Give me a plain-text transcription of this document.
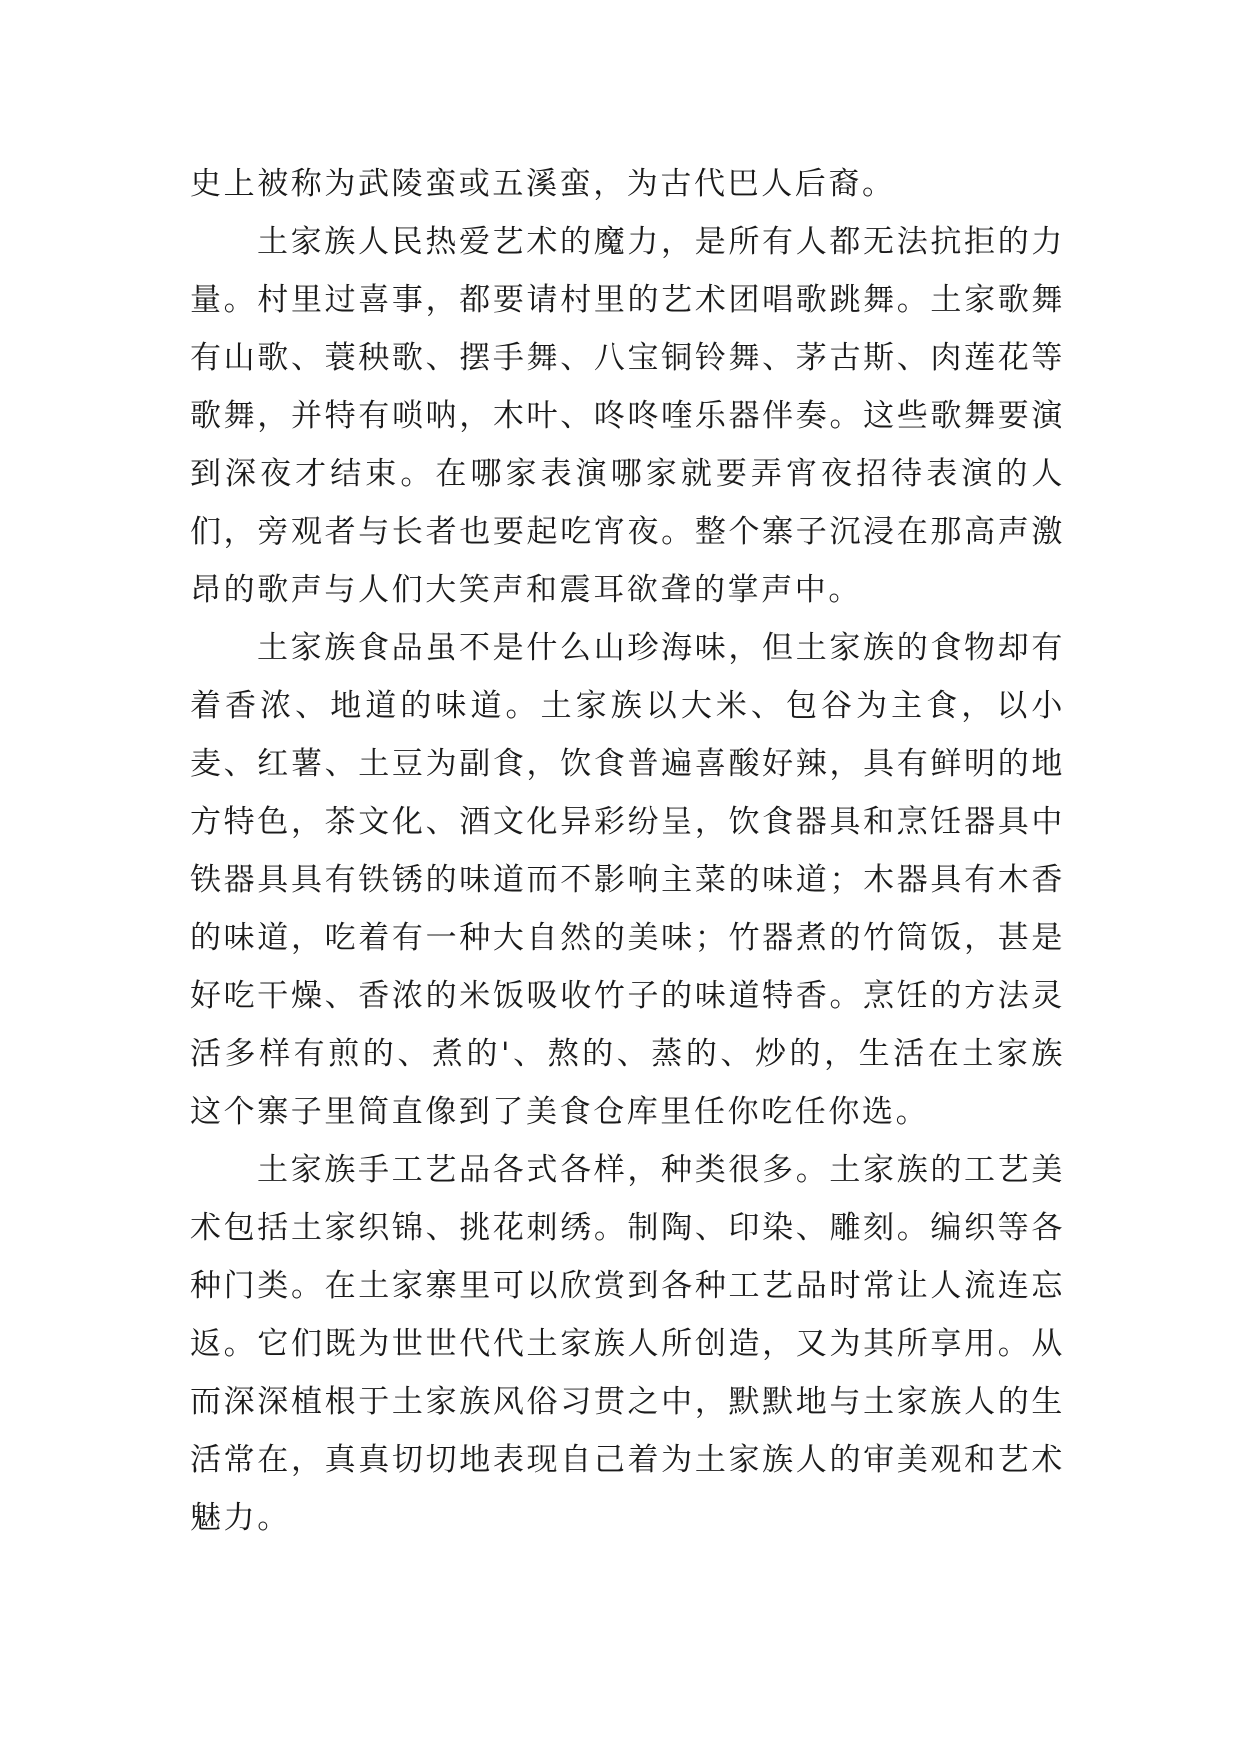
史上被称为武陵蛮或五溪蛮，为古代巴人后裔。

土家族人民热爱艺术的魔力，是所有人都无法抗拒的力量。村里过喜事，都要请村里的艺术团唱歌跳舞。土家歌舞有山歌、蓑秧歌、摆手舞、八宝铜铃舞、茅古斯、肉莲花等歌舞，并特有唢呐，木叶、咚咚喹乐器伴奏。这些歌舞要演到深夜才结束。在哪家表演哪家就要弄宵夜招待表演的人们，旁观者与长者也要起吃宵夜。整个寨子沉浸在那高声激昂的歌声与人们大笑声和震耳欲聋的掌声中。

土家族食品虽不是什么山珍海味，但土家族的食物却有着香浓、地道的味道。土家族以大米、包谷为主食，以小麦、红薯、土豆为副食，饮食普遍喜酸好辣，具有鲜明的地方特色，茶文化、酒文化异彩纷呈，饮食器具和烹饪器具中铁器具具有铁锈的味道而不影响主菜的味道；木器具有木香的味道，吃着有一种大自然的美味；竹器煮的竹筒饭，甚是好吃干燥、香浓的米饭吸收竹子的味道特香。烹饪的方法灵活多样有煎的、煮的'、熬的、蒸的、炒的，生活在土家族这个寨子里简直像到了美食仓库里任你吃任你选。

土家族手工艺品各式各样，种类很多。土家族的工艺美术包括土家织锦、挑花刺绣。制陶、印染、雕刻。编织等各种门类。在土家寨里可以欣赏到各种工艺品时常让人流连忘返。它们既为世世代代土家族人所创造，又为其所享用。从而深深植根于土家族风俗习贯之中，默默地与土家族人的生活常在，真真切切地表现自己着为土家族人的审美观和艺术魅力。
